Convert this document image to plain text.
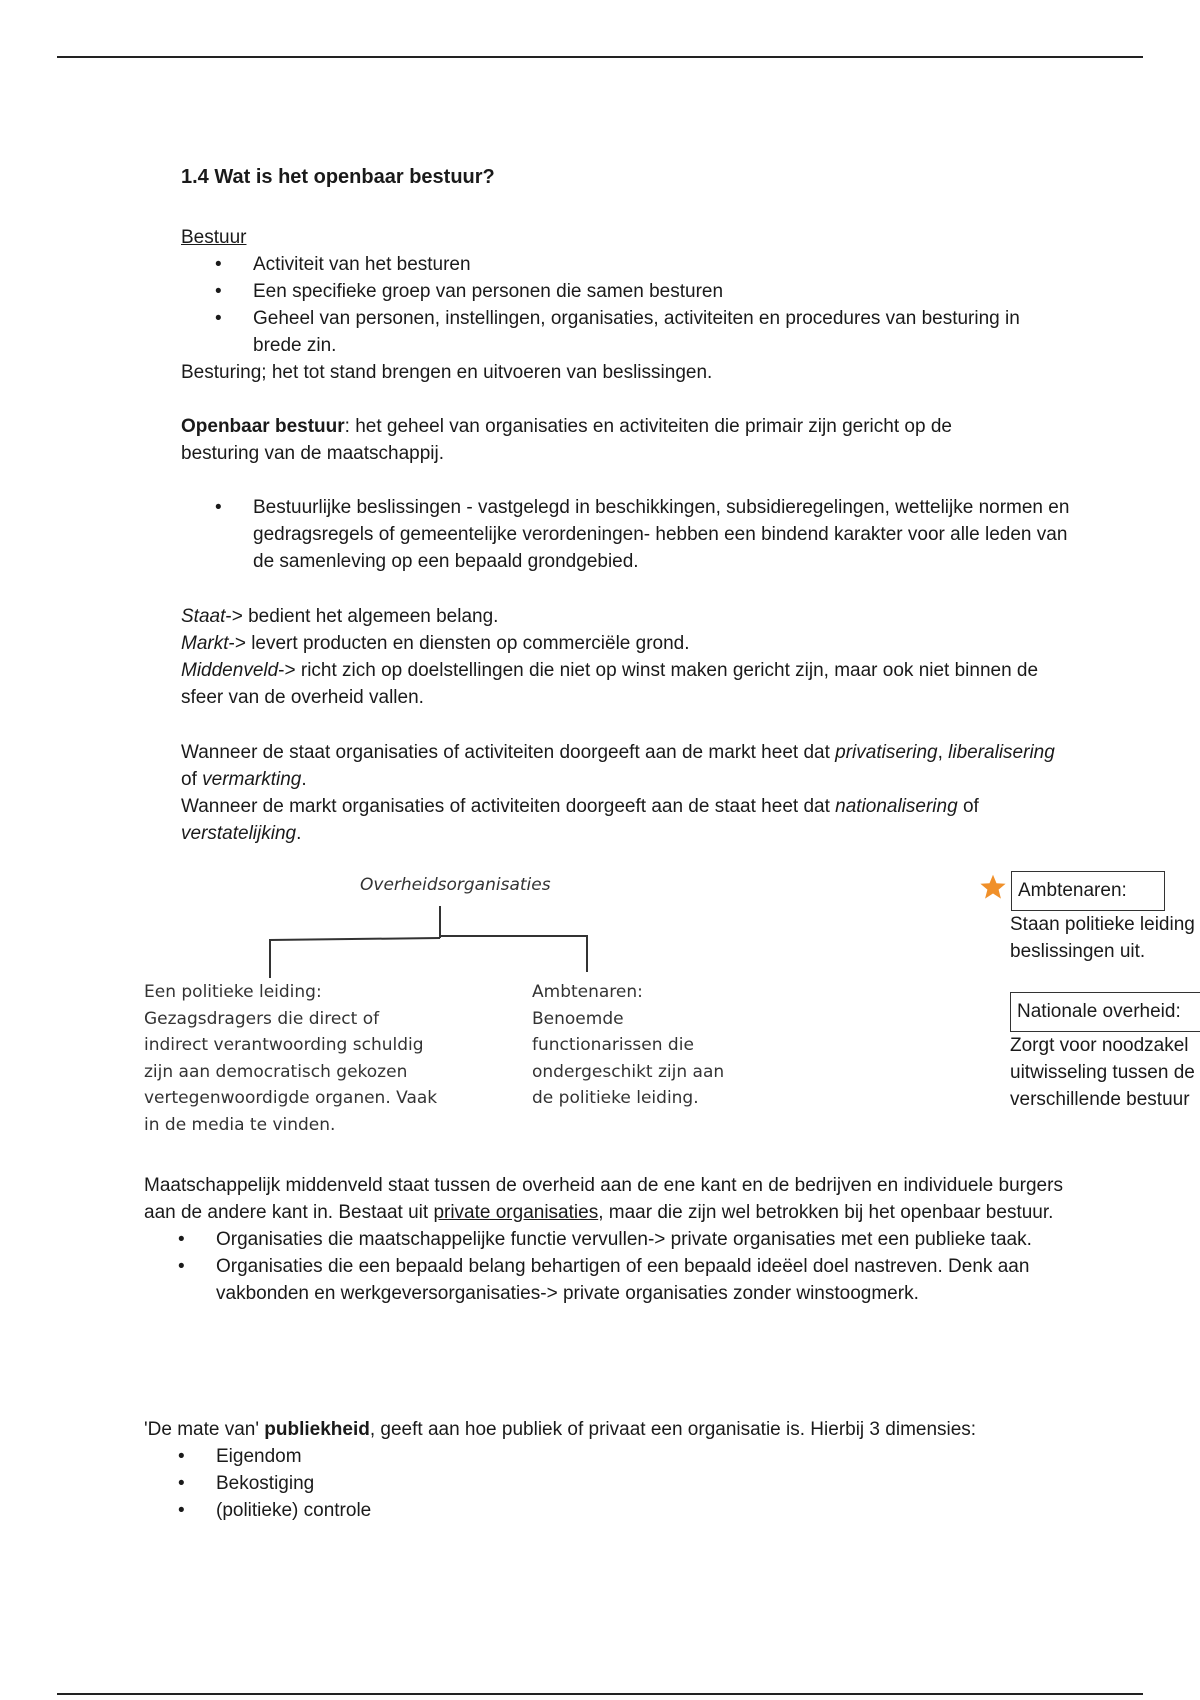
1.4 Wat is het openbaar bestuur?

Bestuur

• Activiteit van het besturen
• Een specifieke groep van personen die samen besturen
• Geheel van personen, instellingen, organisaties, activiteiten en procedures van besturing in brede zin.

Besturing; het tot stand brengen en uitvoeren van beslissingen.

Openbaar bestuur: het geheel van organisaties en activiteiten die primair zijn gericht op de besturing van de maatschappij.

• Bestuurlijke beslissingen - vastgelegd in beschikkingen, subsidieregelingen, wettelijke normen en gedragsregels of gemeentelijke verordeningen- hebben een bindend karakter voor alle leden van de samenleving op een bepaald grondgebied.

Staat-> bedient het algemeen belang.

Markt-> levert producten en diensten op commerciële grond.

Middenveld-> richt zich op doelstellingen die niet op winst maken gericht zijn, maar ook niet binnen de sfeer van de overheid vallen.

Wanneer de staat organisaties of activiteiten doorgeeft aan de markt heet dat privatisering, liberalisering of vermarkting.

Wanneer de markt organisaties of activiteiten doorgeeft aan de staat heet dat nationalisering of verstatelijking.

Overheidsorganisaties
Een politieke leiding:
Gezagsdragers die direct of
indirect verantwoording schuldig
zijn aan democratisch gekozen
vertegenwoordigde organen. Vaak
in de media te vinden.
Ambtenaren:
Benoemde
functionarissen die
ondergeschikt zijn aan
de politieke leiding.
Ambtenaren:
Staan politieke leiding
beslissingen uit.
Nationale overheid:
Zorgt voor noodzakel
uitwisseling tussen de
verschillende bestuur

Maatschappelijk middenveld staat tussen de overheid aan de ene kant en de bedrijven en individuele burgers aan de andere kant in. Bestaat uit private organisaties, maar die zijn wel betrokken bij het openbaar bestuur.

• Organisaties die maatschappelijke functie vervullen-> private organisaties met een publieke taak.
• Organisaties die een bepaald belang behartigen of een bepaald ideëel doel nastreven. Denk aan vakbonden en werkgeversorganisaties-> private organisaties zonder winstoogmerk.

'De mate van' publiekheid, geeft aan hoe publiek of privaat een organisatie is. Hierbij 3 dimensies:

• Eigendom
• Bekostiging
• (politieke) controle
